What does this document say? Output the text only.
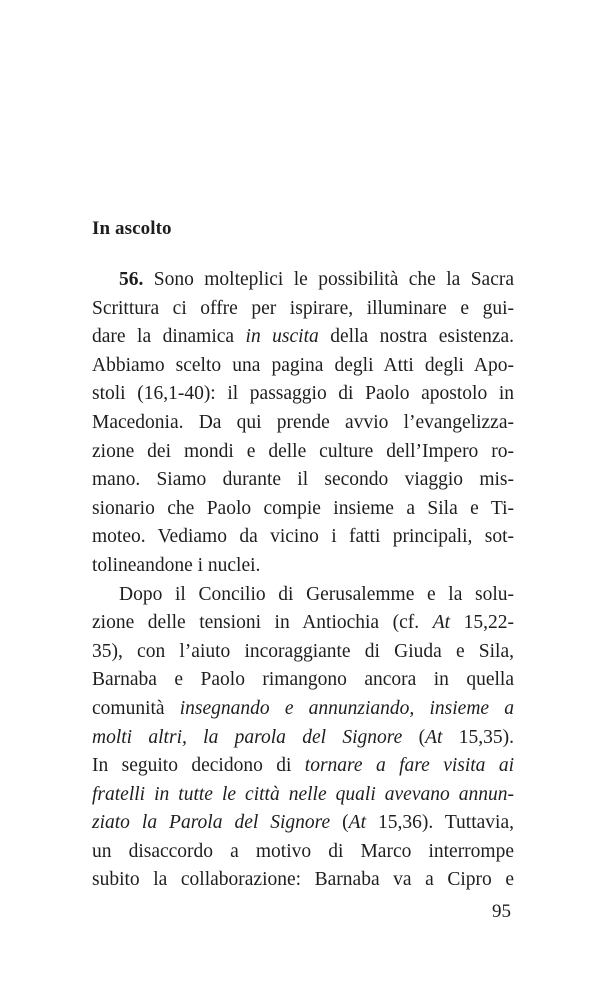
In ascolto
56. Sono molteplici le possibilità che la Sacra
Scrittura ci offre per ispirare, illuminare e gui-
dare la dinamica in uscita della nostra esistenza.
Abbiamo scelto una pagina degli Atti degli Apo-
stoli (16,1-40): il passaggio di Paolo apostolo in
Macedonia. Da qui prende avvio l’evangelizza-
zione dei mondi e delle culture dell’Impero ro-
mano. Siamo durante il secondo viaggio mis-
sionario che Paolo compie insieme a Sila e Ti-
moteo. Vediamo da vicino i fatti principali, sot-
tolineandone i nuclei.
Dopo il Concilio di Gerusalemme e la solu-
zione delle tensioni in Antiochia (cf. At 15,22-
35), con l’aiuto incoraggiante di Giuda e Sila,
Barnaba e Paolo rimangono ancora in quella
comunità insegnando e annunziando, insieme a
molti altri, la parola del Signore (At 15,35).
In seguito decidono di tornare a fare visita ai
fratelli in tutte le città nelle quali avevano annun-
ziato la Parola del Signore (At 15,36). Tuttavia,
un disaccordo a motivo di Marco interrompe
subito la collaborazione: Barnaba va a Cipro e
95
